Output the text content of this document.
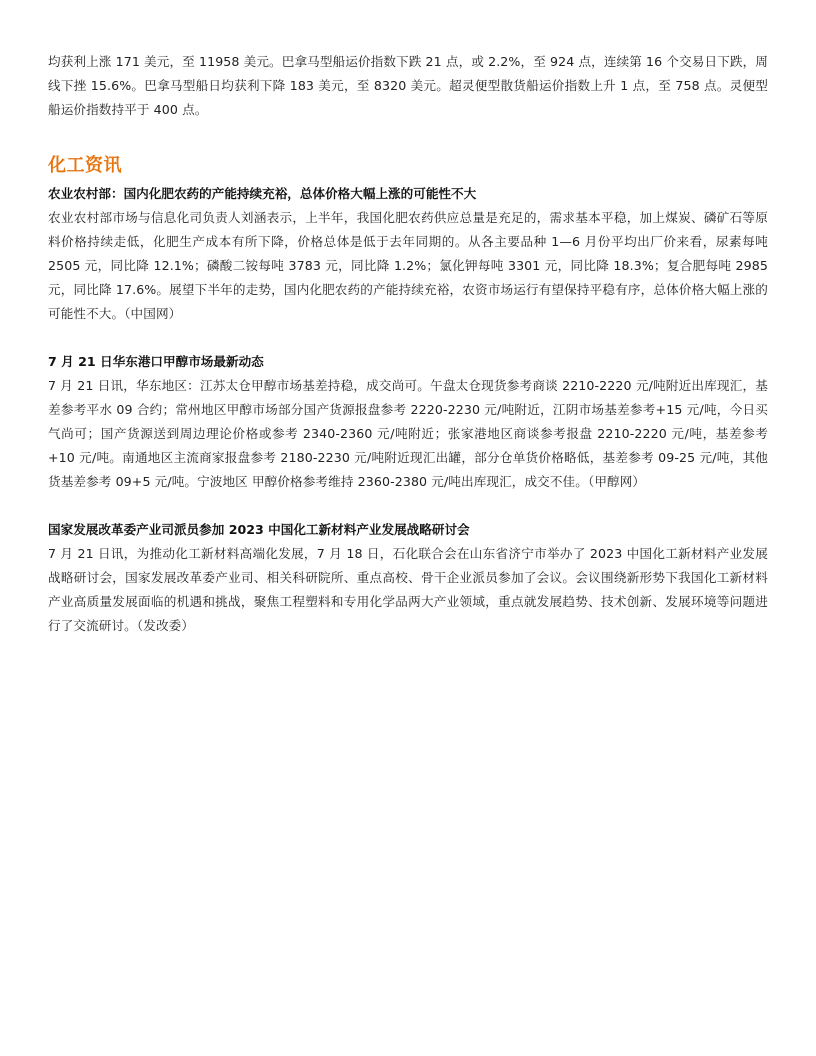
均获利上涨 171 美元，至 11958 美元。巴拿马型船运价指数下跌 21 点，或 2.2%，至 924 点，连续第 16 个交易日下跌，周线下挫 15.6%。巴拿马型船日均获利下降 183 美元，至 8320 美元。超灵便型散货船运价指数上升 1 点，至 758 点。灵便型船运价指数持平于 400 点。

化工资讯
农业农村部：国内化肥农药的产能持续充裕，总体价格大幅上涨的可能性不大

农业农村部市场与信息化司负责人刘涵表示，上半年，我国化肥农药供应总量是充足的，需求基本平稳，加上煤炭、磷矿石等原料价格持续走低，化肥生产成本有所下降，价格总体是低于去年同期的。从各主要品种 1—6 月份平均出厂价来看，尿素每吨 2505 元，同比降 12.1%；磷酸二铵每吨 3783 元，同比降 1.2%；氯化钾每吨 3301 元，同比降 18.3%；复合肥每吨 2985 元，同比降 17.6%。展望下半年的走势，国内化肥农药的产能持续充裕，农资市场运行有望保持平稳有序，总体价格大幅上涨的可能性不大。（中国网）

7 月 21 日华东港口甲醇市场最新动态

7 月 21 日讯，华东地区：江苏太仓甲醇市场基差持稳，成交尚可。午盘太仓现货参考商谈 2210-2220 元/吨附近出库现汇，基差参考平水 09 合约；常州地区甲醇市场部分国产货源报盘参考 2220-2230 元/吨附近，江阴市场基差参考+15 元/吨，今日买气尚可；国产货源送到周边理论价格或参考 2340-2360 元/吨附近；张家港地区商谈参考报盘 2210-2220 元/吨，基差参考+10 元/吨。南通地区主流商家报盘参考 2180-2230 元/吨附近现汇出罐，部分仓单货价格略低，基差参考 09-25 元/吨，其他货基差参考 09+5 元/吨。宁波地区 甲醇价格参考维持 2360-2380 元/吨出库现汇，成交不佳。（甲醇网）

国家发展改革委产业司派员参加 2023 中国化工新材料产业发展战略研讨会

7 月 21 日讯，为推动化工新材料高端化发展，7 月 18 日，石化联合会在山东省济宁市举办了 2023 中国化工新材料产业发展战略研讨会，国家发展改革委产业司、相关科研院所、重点高校、骨干企业派员参加了会议。会议围绕新形势下我国化工新材料产业高质量发展面临的机遇和挑战，聚焦工程塑料和专用化学品两大产业领域，重点就发展趋势、技术创新、发展环境等问题进行了交流研讨。（发改委）
